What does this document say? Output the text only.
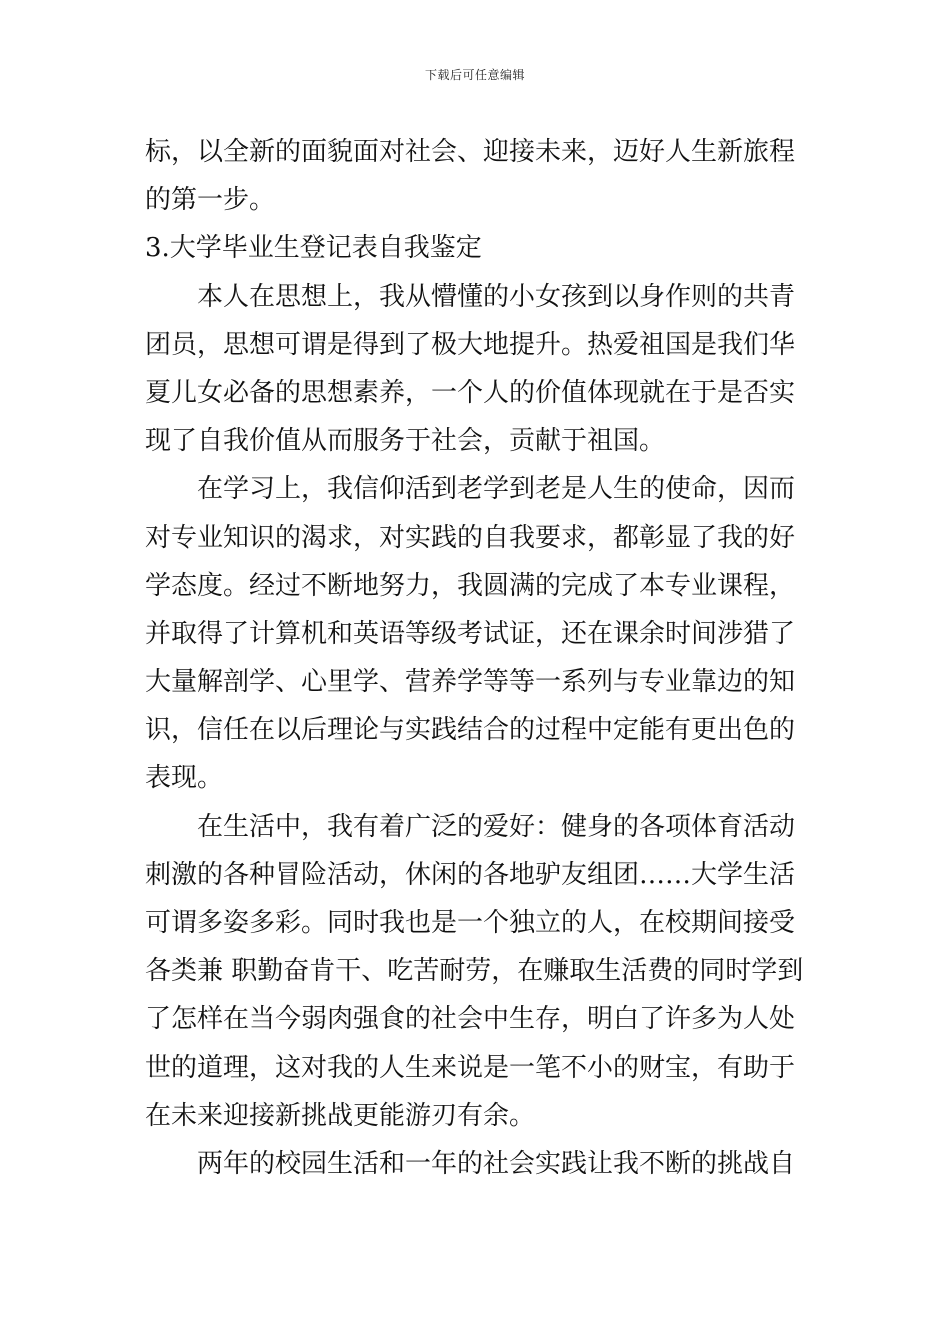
下载后可任意编辑
标，以全新的面貌面对社会、迎接未来，迈好人生新旅程
的第一步。
3.大学毕业生登记表自我鉴定
本人在思想上，我从懵懂的小女孩到以身作则的共青
团员，思想可谓是得到了极大地提升。热爱祖国是我们华
夏儿女必备的思想素养，一个人的价值体现就在于是否实
现了自我价值从而服务于社会，贡献于祖国。
在学习上，我信仰活到老学到老是人生的使命，因而
对专业知识的渴求，对实践的自我要求，都彰显了我的好
学态度。经过不断地努力，我圆满的完成了本专业课程，
并取得了计算机和英语等级考试证，还在课余时间涉猎了
大量解剖学、心里学、营养学等等一系列与专业靠边的知
识，信任在以后理论与实践结合的过程中定能有更出色的
表现。
在生活中，我有着广泛的爱好：健身的各项体育活动
刺激的各种冒险活动，休闲的各地驴友组团……大学生活
可谓多姿多彩。同时我也是一个独立的人，在校期间接受
各类兼 职勤奋肯干、吃苦耐劳，在赚取生活费的同时学到
了怎样在当今弱肉强食的社会中生存，明白了许多为人处
世的道理，这对我的人生来说是一笔不小的财宝，有助于
在未来迎接新挑战更能游刃有余。
两年的校园生活和一年的社会实践让我不断的挑战自
